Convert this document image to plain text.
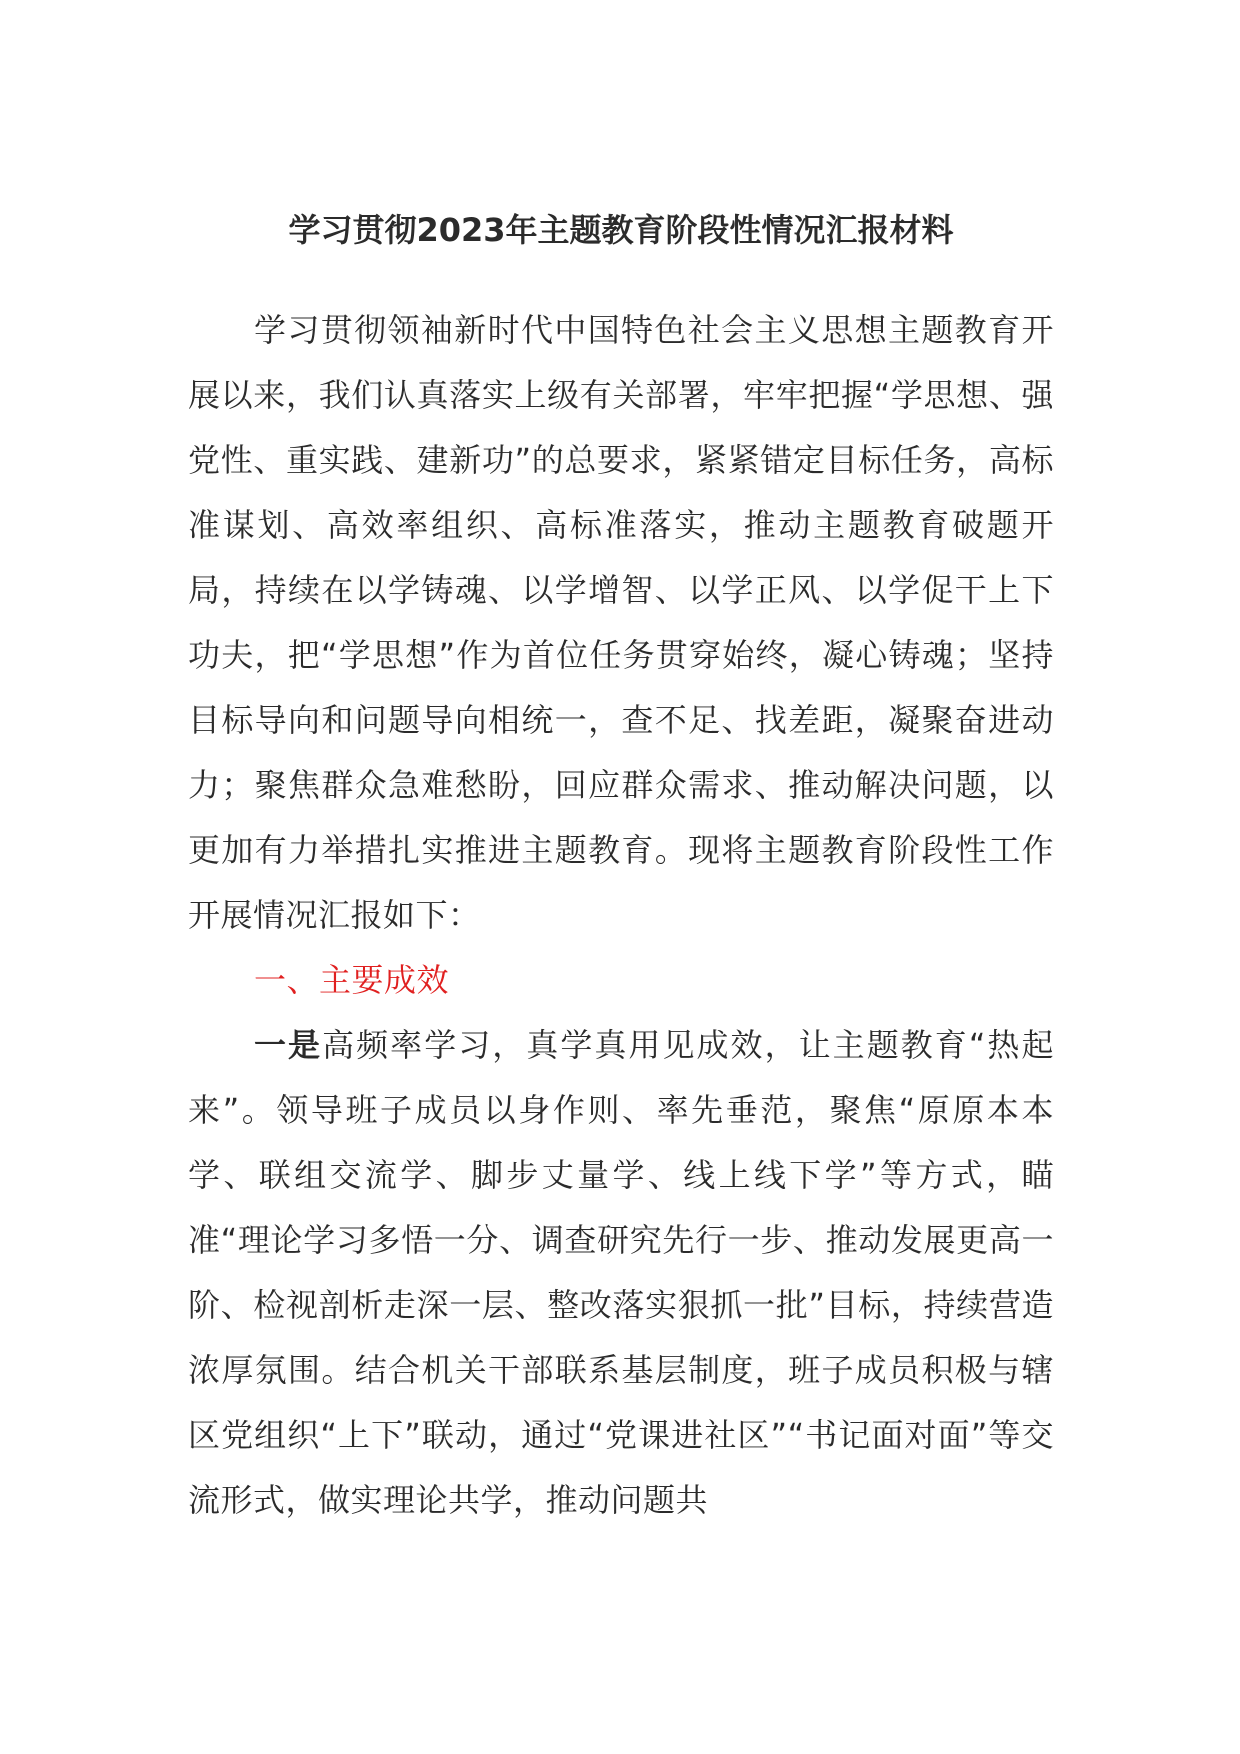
学习贯彻2023年主题教育阶段性情况汇报材料

学习贯彻领袖新时代中国特色社会主义思想主题教育开展以来，我们认真落实上级有关部署，牢牢把握“学思想、强党性、重实践、建新功”的总要求，紧紧错定目标任务，高标准谋划、高效率组织、高标准落实，推动主题教育破题开局，持续在以学铸魂、以学增智、以学正风、以学促干上下功夫，把“学思想”作为首位任务贯穿始终，凝心铸魂；坚持目标导向和问题导向相统一，查不足、找差距，凝聚奋进动力；聚焦群众急难愁盼，回应群众需求、推动解决问题，以更加有力举措扎实推进主题教育。现将主题教育阶段性工作开展情况汇报如下：

一、主要成效

一是高频率学习，真学真用见成效，让主题教育“热起来”。领导班子成员以身作则、率先垂范，聚焦“原原本本学、联组交流学、脚步丈量学、线上线下学”等方式，瞄准“理论学习多悟一分、调查研究先行一步、推动发展更高一阶、检视剖析走深一层、整改落实狠抓一批”目标，持续营造浓厚氛围。结合机关干部联系基层制度，班子成员积极与辖区党组织“上下”联动，通过“党课进社区”“书记面对面”等交流形式，做实理论共学，推动问题共
